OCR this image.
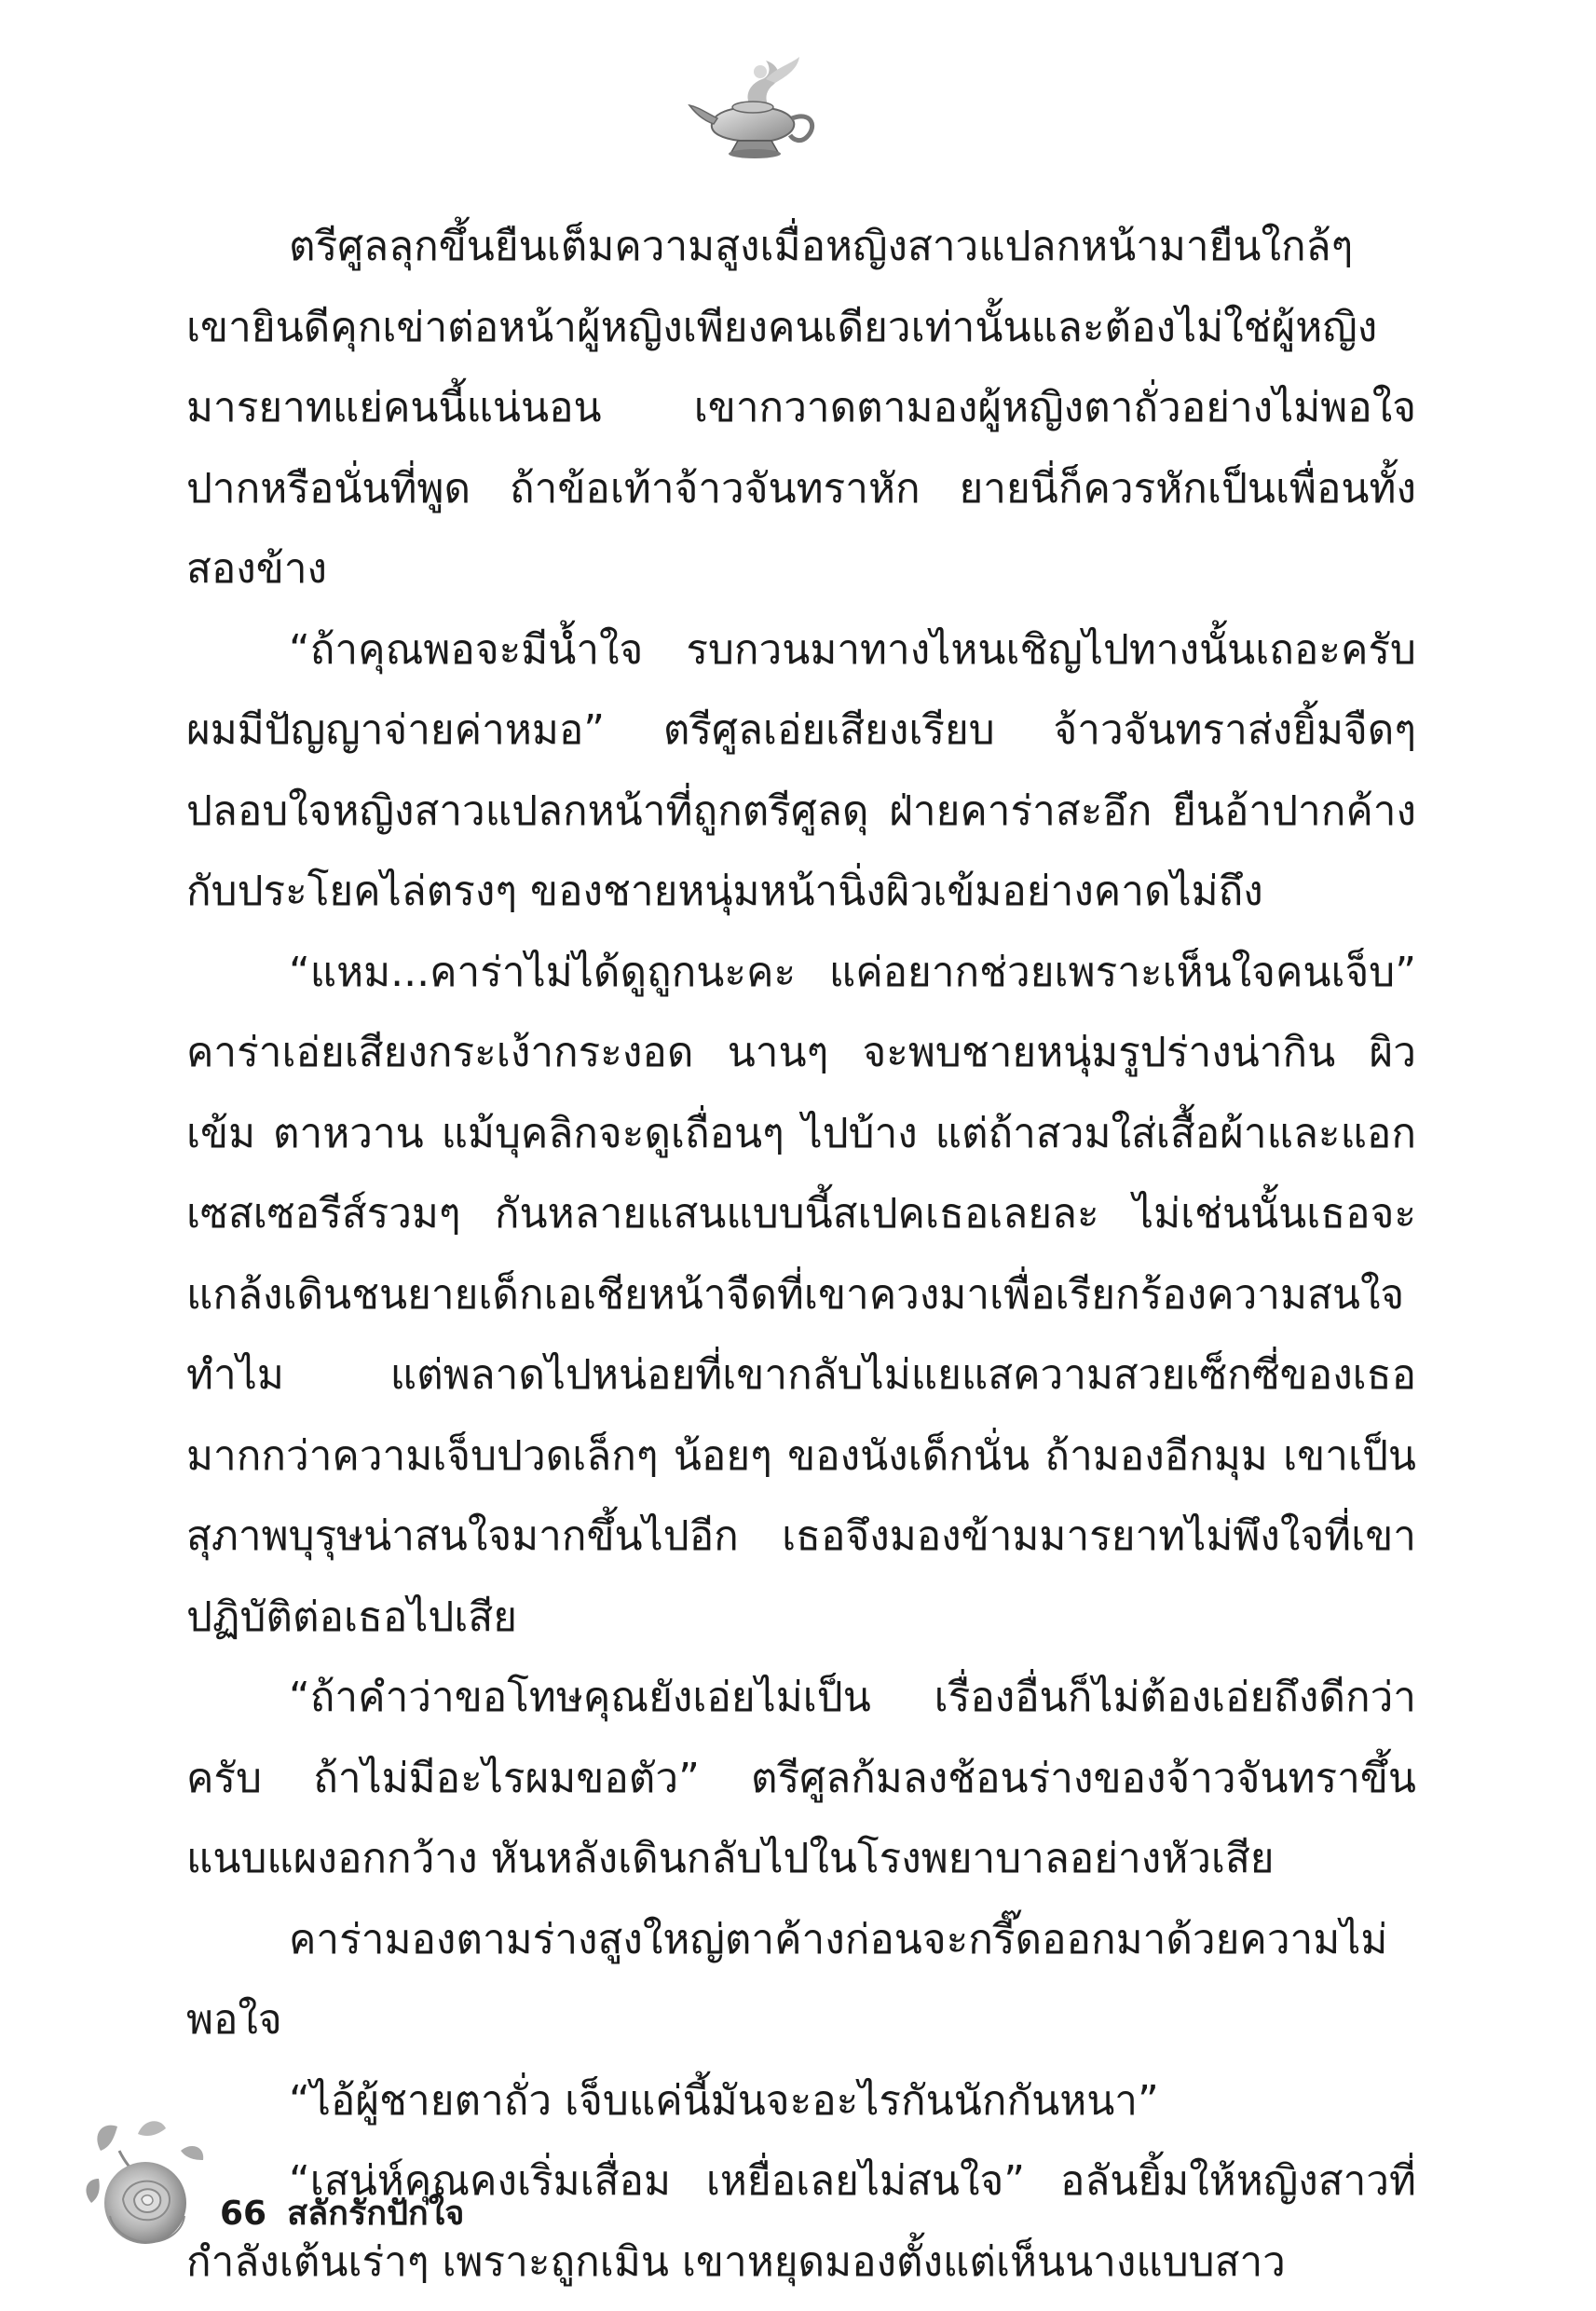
ตรีศูลลุกขึ้นยืนเต็มความสูงเมื่อหญิงสาวแปลกหน้ามายืนใกล้ๆ เขายินดีคุกเข่าต่อหน้าผู้หญิงเพียงคนเดียวเท่านั้นและต้องไม่ใช่ผู้หญิงมารยาทแย่คนนี้แน่นอน เขากวาดตามองผู้หญิงตาถั่วอย่างไม่พอใจ ปากหรือนั่นที่พูด ถ้าข้อเท้าจ้าวจันทราหัก ยายนี่ก็ควรหักเป็นเพื่อนทั้งสองข้าง

“ถ้าคุณพอจะมีน้ำใจ รบกวนมาทางไหนเชิญไปทางนั้นเถอะครับ ผมมีปัญญาจ่ายค่าหมอ” ตรีศูลเอ่ยเสียงเรียบ จ้าวจันทราส่งยิ้มจืดๆ ปลอบใจหญิงสาวแปลกหน้าที่ถูกตรีศูลดุ ฝ่ายคาร่าสะอึก ยืนอ้าปากค้างกับประโยคไล่ตรงๆ ของชายหนุ่มหน้านิ่งผิวเข้มอย่างคาดไม่ถึง

“แหม...คาร่าไม่ได้ดูถูกนะคะ แค่อยากช่วยเพราะเห็นใจคนเจ็บ” คาร่าเอ่ยเสียงกระเง้ากระงอด นานๆ จะพบชายหนุ่มรูปร่างน่ากิน ผิวเข้ม ตาหวาน แม้บุคลิกจะดูเถื่อนๆ ไปบ้าง แต่ถ้าสวมใส่เสื้อผ้าและแอกเซสเซอรีส์รวมๆ กันหลายแสนแบบนี้สเปคเธอเลยละ ไม่เช่นนั้นเธอจะแกล้งเดินชนยายเด็กเอเชียหน้าจืดที่เขาควงมาเพื่อเรียกร้องความสนใจทำไม แต่พลาดไปหน่อยที่เขากลับไม่แยแสความสวยเซ็กซี่ของเธอมากกว่าความเจ็บปวดเล็กๆ น้อยๆ ของนังเด็กนั่น ถ้ามองอีกมุม เขาเป็นสุภาพบุรุษน่าสนใจมากขึ้นไปอีก เธอจึงมองข้ามมารยาทไม่พึงใจที่เขาปฏิบัติต่อเธอไปเสีย

“ถ้าคำว่าขอโทษคุณยังเอ่ยไม่เป็น เรื่องอื่นก็ไม่ต้องเอ่ยถึงดีกว่าครับ ถ้าไม่มีอะไรผมขอตัว” ตรีศูลก้มลงช้อนร่างของจ้าวจันทราขึ้นแนบแผงอกกว้าง หันหลังเดินกลับไปในโรงพยาบาลอย่างหัวเสีย

คาร่ามองตามร่างสูงใหญ่ตาค้างก่อนจะกรี๊ดออกมาด้วยความไม่พอใจ

“ไอ้ผู้ชายตาถั่ว เจ็บแค่นี้มันจะอะไรกันนักกันหนา”

“เสน่ห์คุณคงเริ่มเสื่อม เหยื่อเลยไม่สนใจ” อลันยิ้มให้หญิงสาวที่กำลังเต้นเร่าๆ เพราะถูกเมิน เขาหยุดมองตั้งแต่เห็นนางแบบสาว

66 สลักรักปักใจ
